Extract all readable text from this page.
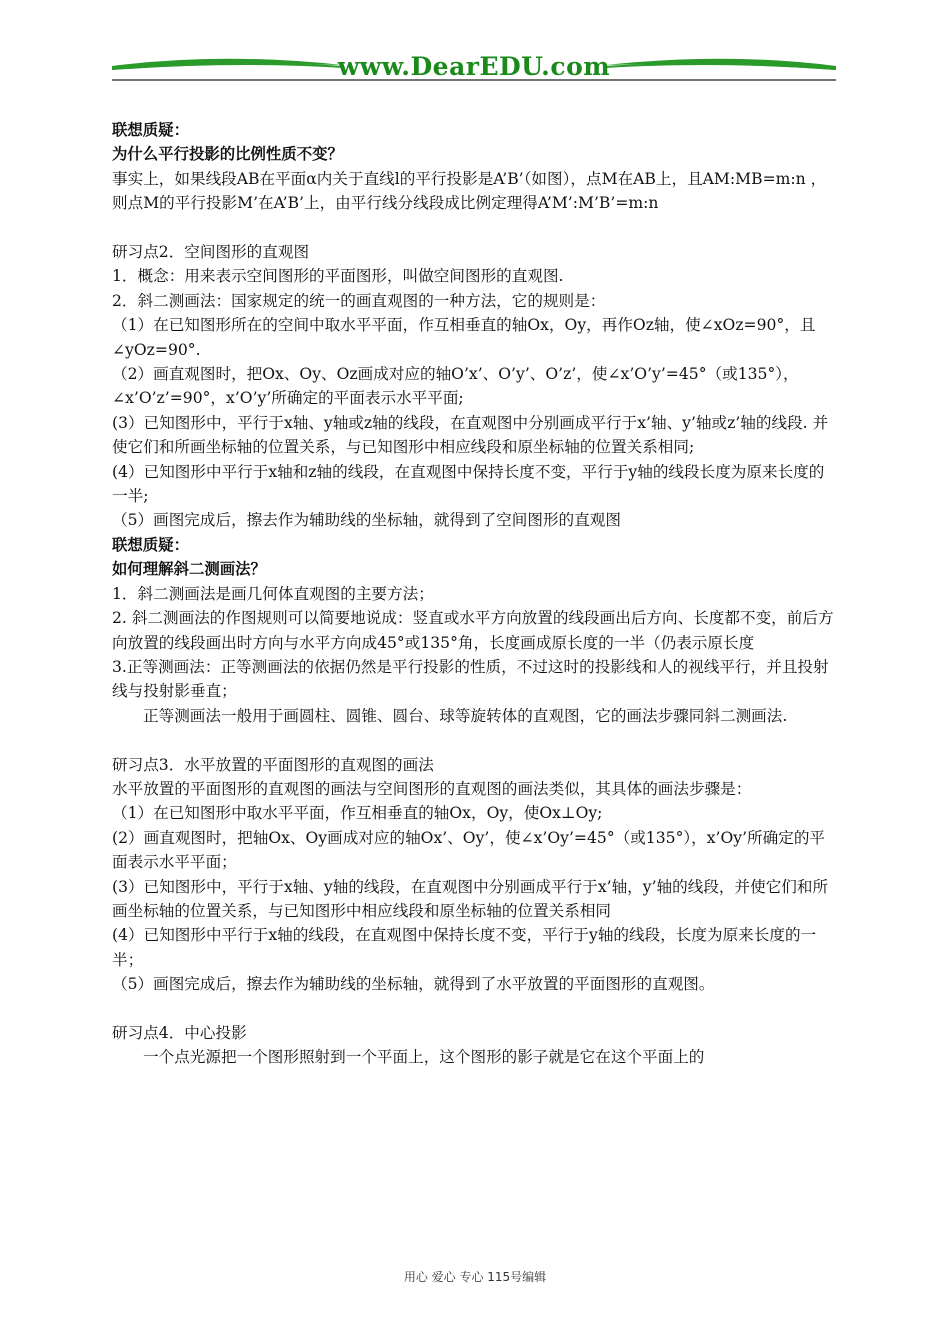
www.DearEDU.com

联想质疑：

为什么平行投影的比例性质不变？

事实上，如果线段AB在平面α内关于直线l的平行投影是A’B’（如图），点M在AB上，且AM:MB=m:n ，则点M的平行投影M’在A’B’上，由平行线分线段成比例定理得A’M’:M’B’=m:n

研习点2．空间图形的直观图

1．概念：用来表示空间图形的平面图形，叫做空间图形的直观图.

2．斜二测画法：国家规定的统一的画直观图的一种方法，它的规则是：

（1）在已知图形所在的空间中取水平平面，作互相垂直的轴Ox，Oy，再作Oz轴，使∠xOz=90°，且∠yOz=90°.

（2）画直观图时，把Ox、Oy、Oz画成对应的轴O’x’、O’y’、O’z’，使∠x’O’y’=45°（或135°），∠x’O’z’=90°，x’O’y’所确定的平面表示水平平面;

(3）已知图形中，平行于x轴、y轴或z轴的线段，在直观图中分别画成平行于x’轴、y’轴或z’轴的线段. 并使它们和所画坐标轴的位置关系，与已知图形中相应线段和原坐标轴的位置关系相同;

(4）已知图形中平行于x轴和z轴的线段，在直观图中保持长度不变，平行于y轴的线段长度为原来长度的一半;

（5）画图完成后，擦去作为辅助线的坐标轴，就得到了空间图形的直观图

联想质疑：

如何理解斜二测画法？

1．斜二测画法是画几何体直观图的主要方法；

2. 斜二测画法的作图规则可以简要地说成：竖直或水平方向放置的线段画出后方向、长度都不变，前后方向放置的线段画出时方向与水平方向成45°或135°角，长度画成原长度的一半（仍表示原长度

3.正等测画法：正等测画法的依据仍然是平行投影的性质，不过这时的投影线和人的视线平行，并且投射线与投射影垂直；

正等测画法一般用于画圆柱、圆锥、圆台、球等旋转体的直观图，它的画法步骤同斜二测画法.

研习点3．水平放置的平面图形的直观图的画法

水平放置的平面图形的直观图的画法与空间图形的直观图的画法类似，其具体的画法步骤是：

（1）在已知图形中取水平平面，作互相垂直的轴Ox，Oy，使Ox⊥Oy;

(2）画直观图时，把轴Ox、Oy画成对应的轴Ox’、Oy’，使∠x’Oy’=45°（或135°），x’Oy’所确定的平面表示水平平面；

(3）已知图形中，平行于x轴、y轴的线段，在直观图中分别画成平行于x’轴，y’轴的线段，并使它们和所画坐标轴的位置关系，与已知图形中相应线段和原坐标轴的位置关系相同

(4）已知图形中平行于x轴的线段，在直观图中保持长度不变，平行于y轴的线段，长度为原来长度的一半；

（5）画图完成后，擦去作为辅助线的坐标轴，就得到了水平放置的平面图形的直观图。

研习点4．中心投影

一个点光源把一个图形照射到一个平面上，这个图形的影子就是它在这个平面上的

用心 爱心 专心 115号编辑
